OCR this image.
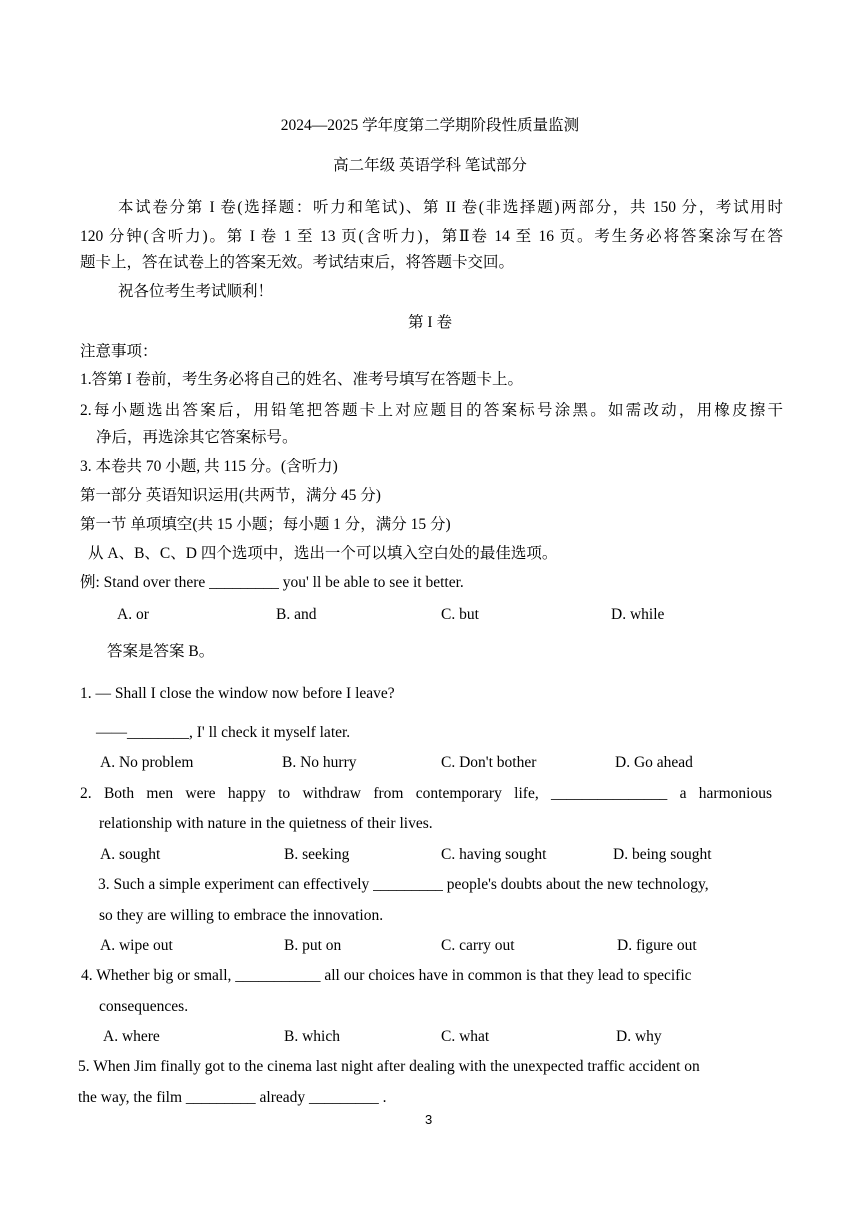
2024—2025 学年度第二学期阶段性质量监测
高二年级 英语学科 笔试部分
本试卷分第 I 卷(选择题：听力和笔试)、第 II 卷(非选择题)两部分，共 150 分，考试用时
120 分钟(含听力)。第 I 卷 1 至 13 页(含听力)，第Ⅱ卷 14 至 16 页。考生务必将答案涂写在答
题卡上，答在试卷上的答案无效。考试结束后，将答题卡交回。
祝各位考生考试顺利！
第 I 卷
注意事项：
1.答第 I 卷前，考生务必将自己的姓名、准考号填写在答题卡上。
2.每小题选出答案后，用铅笔把答题卡上对应题目的答案标号涂黑。如需改动，用橡皮擦干
净后，再选涂其它答案标号。
3. 本卷共 70 小题, 共 115 分。(含听力)
第一部分 英语知识运用(共两节，满分 45 分)
第一节 单项填空(共 15 小题；每小题 1 分，满分 15 分)
从 A、B、C、D 四个选项中，选出一个可以填入空白处的最佳选项。
例: Stand over there _________ you' ll be able to see it better.
A. or	B. and	C. but	D. while
答案是答案 B。
1. — Shall I close the window now before I leave?
——________, I' ll check it myself later.
A. No problem	B. No hurry	C. Don't bother	D. Go ahead
2. Both men were happy to withdraw from contemporary life, _______________ a harmonious
relationship with nature in the quietness of their lives.
A. sought	B. seeking	C. having sought	D. being sought
3. Such a simple experiment can effectively _________ people's doubts about the new technology,
so they are willing to embrace the innovation.
A. wipe out	B. put on	C. carry out	D. figure out
4. Whether big or small, ___________ all our choices have in common is that they lead to specific
consequences.
A. where	B. which	C. what	D. why
5. When Jim finally got to the cinema last night after dealing with the unexpected traffic accident on
the way, the film _________ already _________ .
3
